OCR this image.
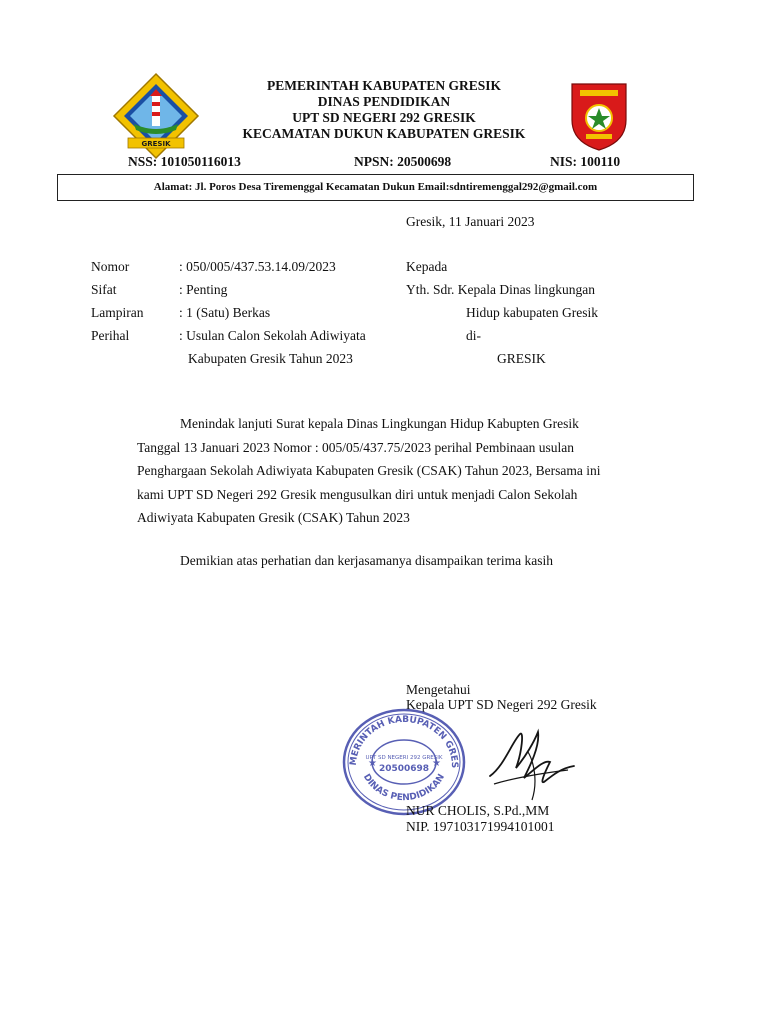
GRESIK
PEMERINTAH KABUPATEN GRESIK
DINAS PENDIDIKAN
UPT SD NEGERI 292 GRESIK
KECAMATAN DUKUN KABUPATEN GRESIK
NSS: 101050116013	NPSN: 20500698	NIS: 100110
Alamat: Jl. Poros Desa Tiremenggal Kecamatan Dukun Email:sdntiremenggal292@gmail.com
Gresik, 11 Januari 2023
Nomor	: 050/005/437.53.14.09/2023
Sifat	: Penting
Lampiran	: 1 (Satu) Berkas
Perihal	: Usulan Calon Sekolah Adiwiyata
Kabupaten Gresik Tahun 2023
Kepada
Yth. Sdr. Kepala Dinas lingkungan
Hidup kabupaten Gresik
di-
GRESIK
Menindak lanjuti Surat kepala Dinas Lingkungan Hidup Kabupten Gresik
Tanggal 13 Januari 2023 Nomor : 005/05/437.75/2023 perihal Pembinaan usulan
Penghargaan Sekolah Adiwiyata Kabupaten Gresik (CSAK) Tahun 2023, Bersama ini
kami UPT SD Negeri 292 Gresik mengusulkan diri untuk menjadi Calon Sekolah
Adiwiyata Kabupaten Gresik (CSAK) Tahun 2023
Demikian atas perhatian dan kerjasamanya disampaikan terima kasih
Mengetahui
Kepala UPT SD Negeri 292 Gresik
MERINTAH KABUPATEN GRES
DINAS PENDIDIKAN
UPT SD NEGERI 292 GRESIK
20500698
★	★
NUR CHOLIS, S.Pd.,MM
NIP. 197103171994101001
